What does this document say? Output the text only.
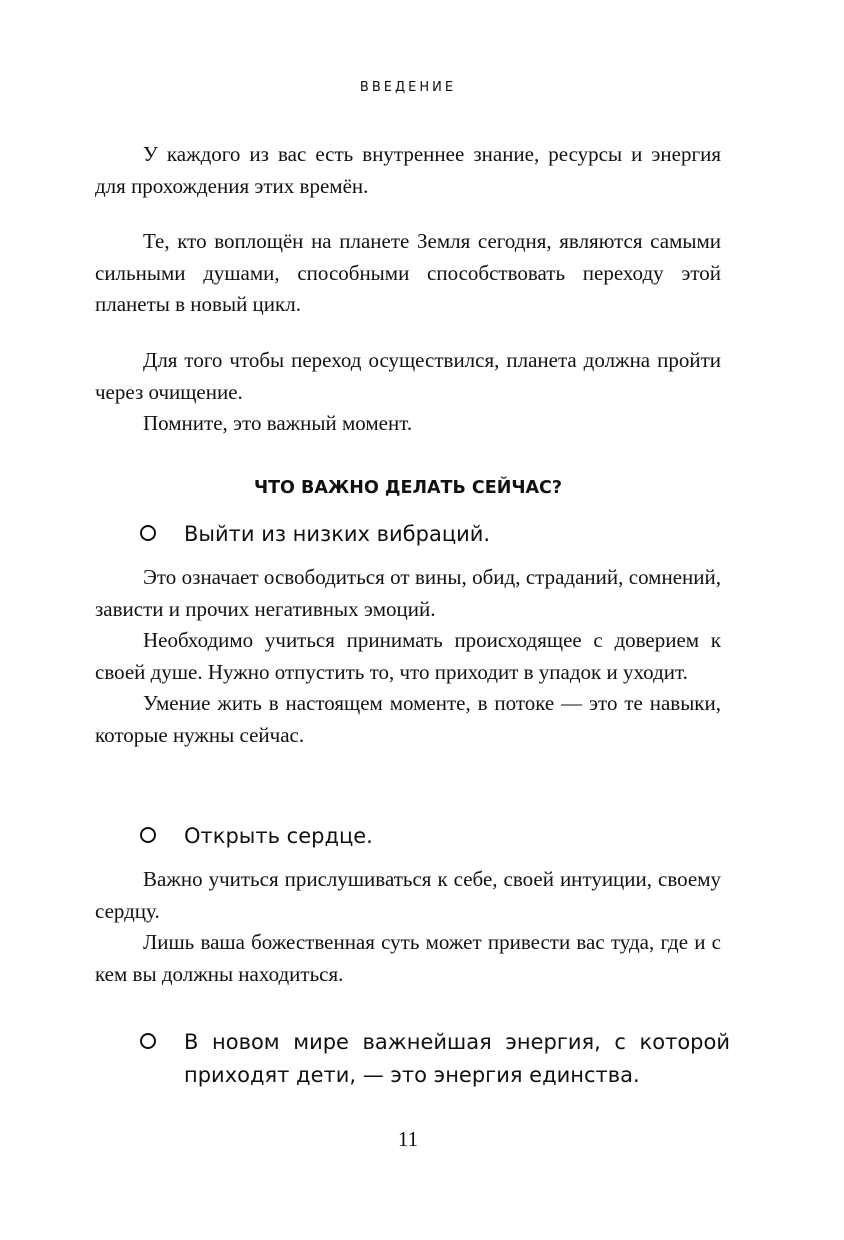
ВВЕДЕНИЕ

У каждого из вас есть внутреннее знание, ресурсы и энергия для прохождения этих времён.

Те, кто воплощён на планете Земля сегодня, являются самыми сильными душами, способными способствовать переходу этой планеты в новый цикл.

Для того чтобы переход осуществился, планета должна пройти через очищение.

Помните, это важный момент.

ЧТО ВАЖНО ДЕЛАТЬ СЕЙЧАС?
Выйти из низких вибраций.

Это означает освободиться от вины, обид, страданий, сомнений, зависти и прочих негативных эмоций.

Необходимо учиться принимать происходящее с доверием к своей душе. Нужно отпустить то, что приходит в упадок и уходит.

Умение жить в настоящем моменте, в потоке — это те навыки, которые нужны сейчас.

Открыть сердце.

Важно учиться прислушиваться к себе, своей интуиции, своему сердцу.

Лишь ваша божественная суть может привести вас туда, где и с кем вы должны находиться.

В новом мире важнейшая энергия, с которой приходят дети, — это энергия единства.
11
